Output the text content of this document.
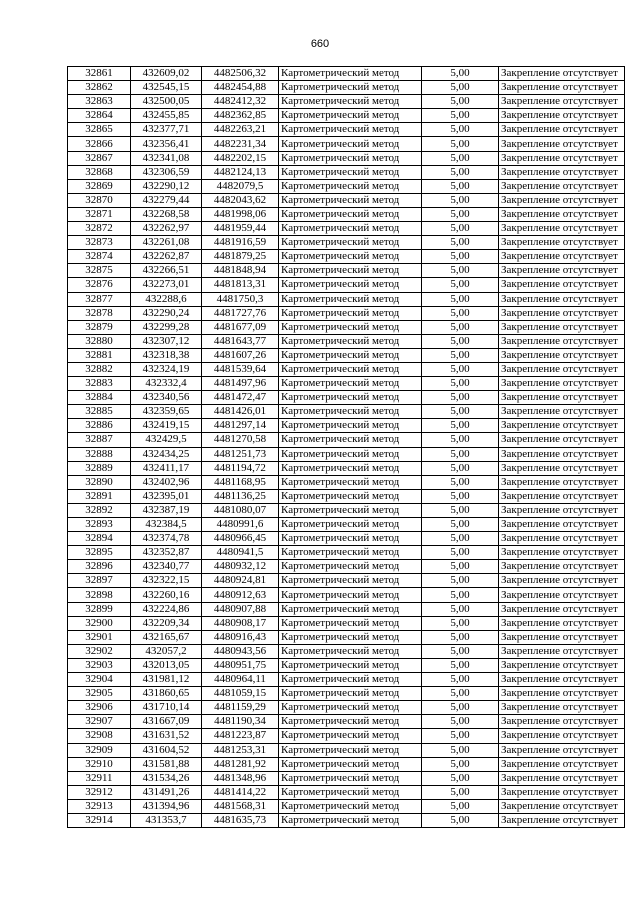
660
32861	432609,02	4482506,32	Картометрический метод	5,00	Закрепление отсутствует
32862	432545,15	4482454,88	Картометрический метод	5,00	Закрепление отсутствует
32863	432500,05	4482412,32	Картометрический метод	5,00	Закрепление отсутствует
32864	432455,85	4482362,85	Картометрический метод	5,00	Закрепление отсутствует
32865	432377,71	4482263,21	Картометрический метод	5,00	Закрепление отсутствует
32866	432356,41	4482231,34	Картометрический метод	5,00	Закрепление отсутствует
32867	432341,08	4482202,15	Картометрический метод	5,00	Закрепление отсутствует
32868	432306,59	4482124,13	Картометрический метод	5,00	Закрепление отсутствует
32869	432290,12	4482079,5	Картометрический метод	5,00	Закрепление отсутствует
32870	432279,44	4482043,62	Картометрический метод	5,00	Закрепление отсутствует
32871	432268,58	4481998,06	Картометрический метод	5,00	Закрепление отсутствует
32872	432262,97	4481959,44	Картометрический метод	5,00	Закрепление отсутствует
32873	432261,08	4481916,59	Картометрический метод	5,00	Закрепление отсутствует
32874	432262,87	4481879,25	Картометрический метод	5,00	Закрепление отсутствует
32875	432266,51	4481848,94	Картометрический метод	5,00	Закрепление отсутствует
32876	432273,01	4481813,31	Картометрический метод	5,00	Закрепление отсутствует
32877	432288,6	4481750,3	Картометрический метод	5,00	Закрепление отсутствует
32878	432290,24	4481727,76	Картометрический метод	5,00	Закрепление отсутствует
32879	432299,28	4481677,09	Картометрический метод	5,00	Закрепление отсутствует
32880	432307,12	4481643,77	Картометрический метод	5,00	Закрепление отсутствует
32881	432318,38	4481607,26	Картометрический метод	5,00	Закрепление отсутствует
32882	432324,19	4481539,64	Картометрический метод	5,00	Закрепление отсутствует
32883	432332,4	4481497,96	Картометрический метод	5,00	Закрепление отсутствует
32884	432340,56	4481472,47	Картометрический метод	5,00	Закрепление отсутствует
32885	432359,65	4481426,01	Картометрический метод	5,00	Закрепление отсутствует
32886	432419,15	4481297,14	Картометрический метод	5,00	Закрепление отсутствует
32887	432429,5	4481270,58	Картометрический метод	5,00	Закрепление отсутствует
32888	432434,25	4481251,73	Картометрический метод	5,00	Закрепление отсутствует
32889	432411,17	4481194,72	Картометрический метод	5,00	Закрепление отсутствует
32890	432402,96	4481168,95	Картометрический метод	5,00	Закрепление отсутствует
32891	432395,01	4481136,25	Картометрический метод	5,00	Закрепление отсутствует
32892	432387,19	4481080,07	Картометрический метод	5,00	Закрепление отсутствует
32893	432384,5	4480991,6	Картометрический метод	5,00	Закрепление отсутствует
32894	432374,78	4480966,45	Картометрический метод	5,00	Закрепление отсутствует
32895	432352,87	4480941,5	Картометрический метод	5,00	Закрепление отсутствует
32896	432340,77	4480932,12	Картометрический метод	5,00	Закрепление отсутствует
32897	432322,15	4480924,81	Картометрический метод	5,00	Закрепление отсутствует
32898	432260,16	4480912,63	Картометрический метод	5,00	Закрепление отсутствует
32899	432224,86	4480907,88	Картометрический метод	5,00	Закрепление отсутствует
32900	432209,34	4480908,17	Картометрический метод	5,00	Закрепление отсутствует
32901	432165,67	4480916,43	Картометрический метод	5,00	Закрепление отсутствует
32902	432057,2	4480943,56	Картометрический метод	5,00	Закрепление отсутствует
32903	432013,05	4480951,75	Картометрический метод	5,00	Закрепление отсутствует
32904	431981,12	4480964,11	Картометрический метод	5,00	Закрепление отсутствует
32905	431860,65	4481059,15	Картометрический метод	5,00	Закрепление отсутствует
32906	431710,14	4481159,29	Картометрический метод	5,00	Закрепление отсутствует
32907	431667,09	4481190,34	Картометрический метод	5,00	Закрепление отсутствует
32908	431631,52	4481223,87	Картометрический метод	5,00	Закрепление отсутствует
32909	431604,52	4481253,31	Картометрический метод	5,00	Закрепление отсутствует
32910	431581,88	4481281,92	Картометрический метод	5,00	Закрепление отсутствует
32911	431534,26	4481348,96	Картометрический метод	5,00	Закрепление отсутствует
32912	431491,26	4481414,22	Картометрический метод	5,00	Закрепление отсутствует
32913	431394,96	4481568,31	Картометрический метод	5,00	Закрепление отсутствует
32914	431353,7	4481635,73	Картометрический метод	5,00	Закрепление отсутствует
